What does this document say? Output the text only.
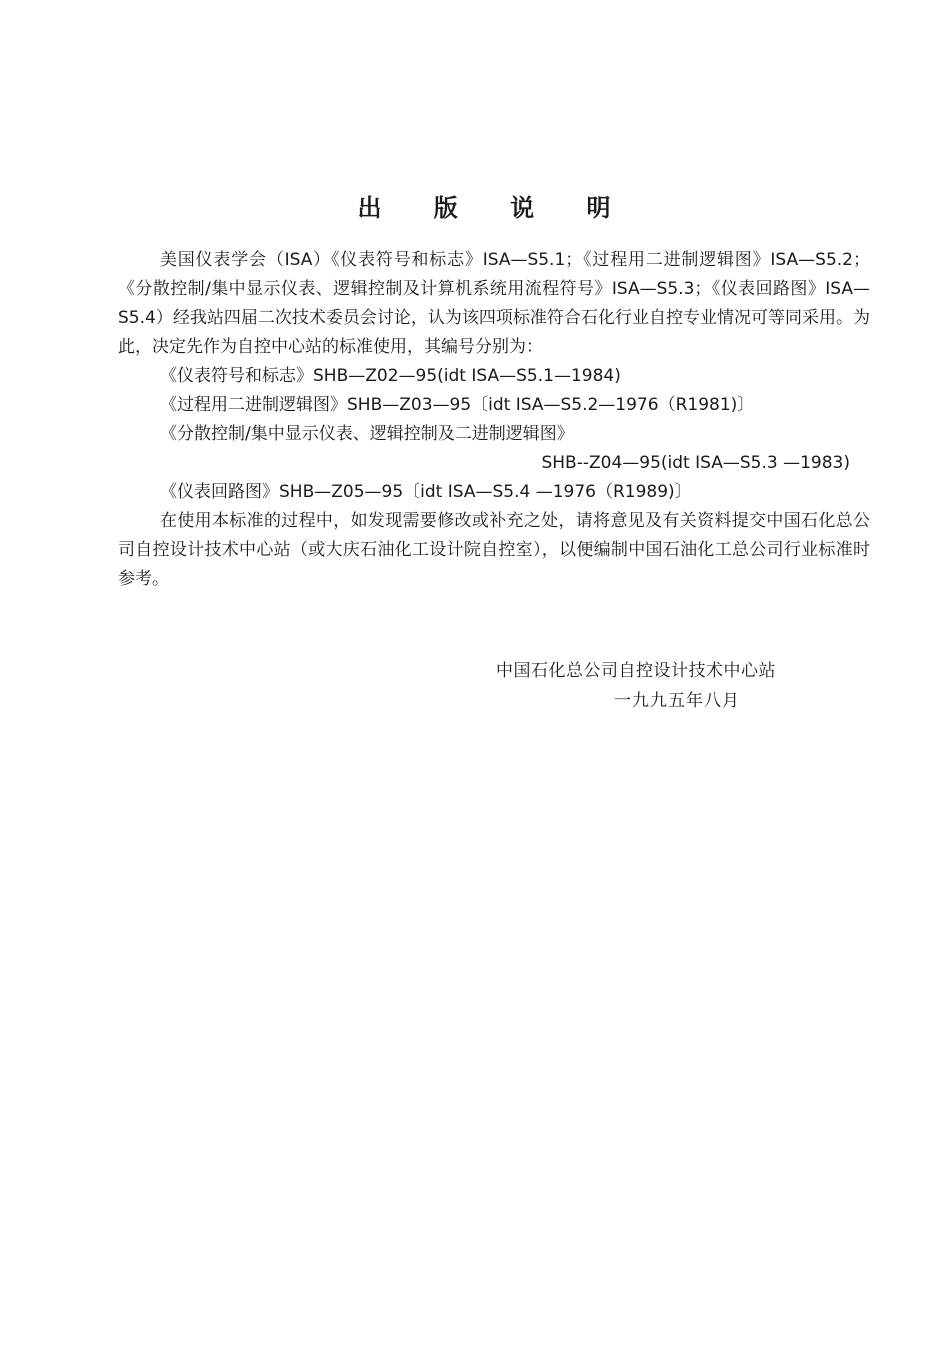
出 版 说 明

美国仪表学会（ISA）《仪表符号和标志》ISA—S5.1；《过程用二进制逻辑图》ISA—S5.2；《分散控制/集中显示仪表、逻辑控制及计算机系统用流程符号》ISA—S5.3；《仪表回路图》ISA—S5.4）经我站四届二次技术委员会讨论，认为该四项标准符合石化行业自控专业情况可等同采用。为此，决定先作为自控中心站的标准使用，其编号分别为：

《仪表符号和标志》SHB—Z02—95(idt ISA—S5.1—1984)

《过程用二进制逻辑图》SHB—Z03—95〔idt ISA—S5.2—1976（R1981)〕

《分散控制/集中显示仪表、逻辑控制及二进制逻辑图》

SHB--Z04—95(idt ISA—S5.3 —1983)

《仪表回路图》SHB—Z05—95〔idt ISA—S5.4 —1976（R1989)〕

在使用本标准的过程中，如发现需要修改或补充之处，请将意见及有关资料提交中国石化总公司自控设计技术中心站（或大庆石油化工设计院自控室），以便编制中国石油化工总公司行业标准时参考。

中国石化总公司自控设计技术中心站
一九九五年八月
